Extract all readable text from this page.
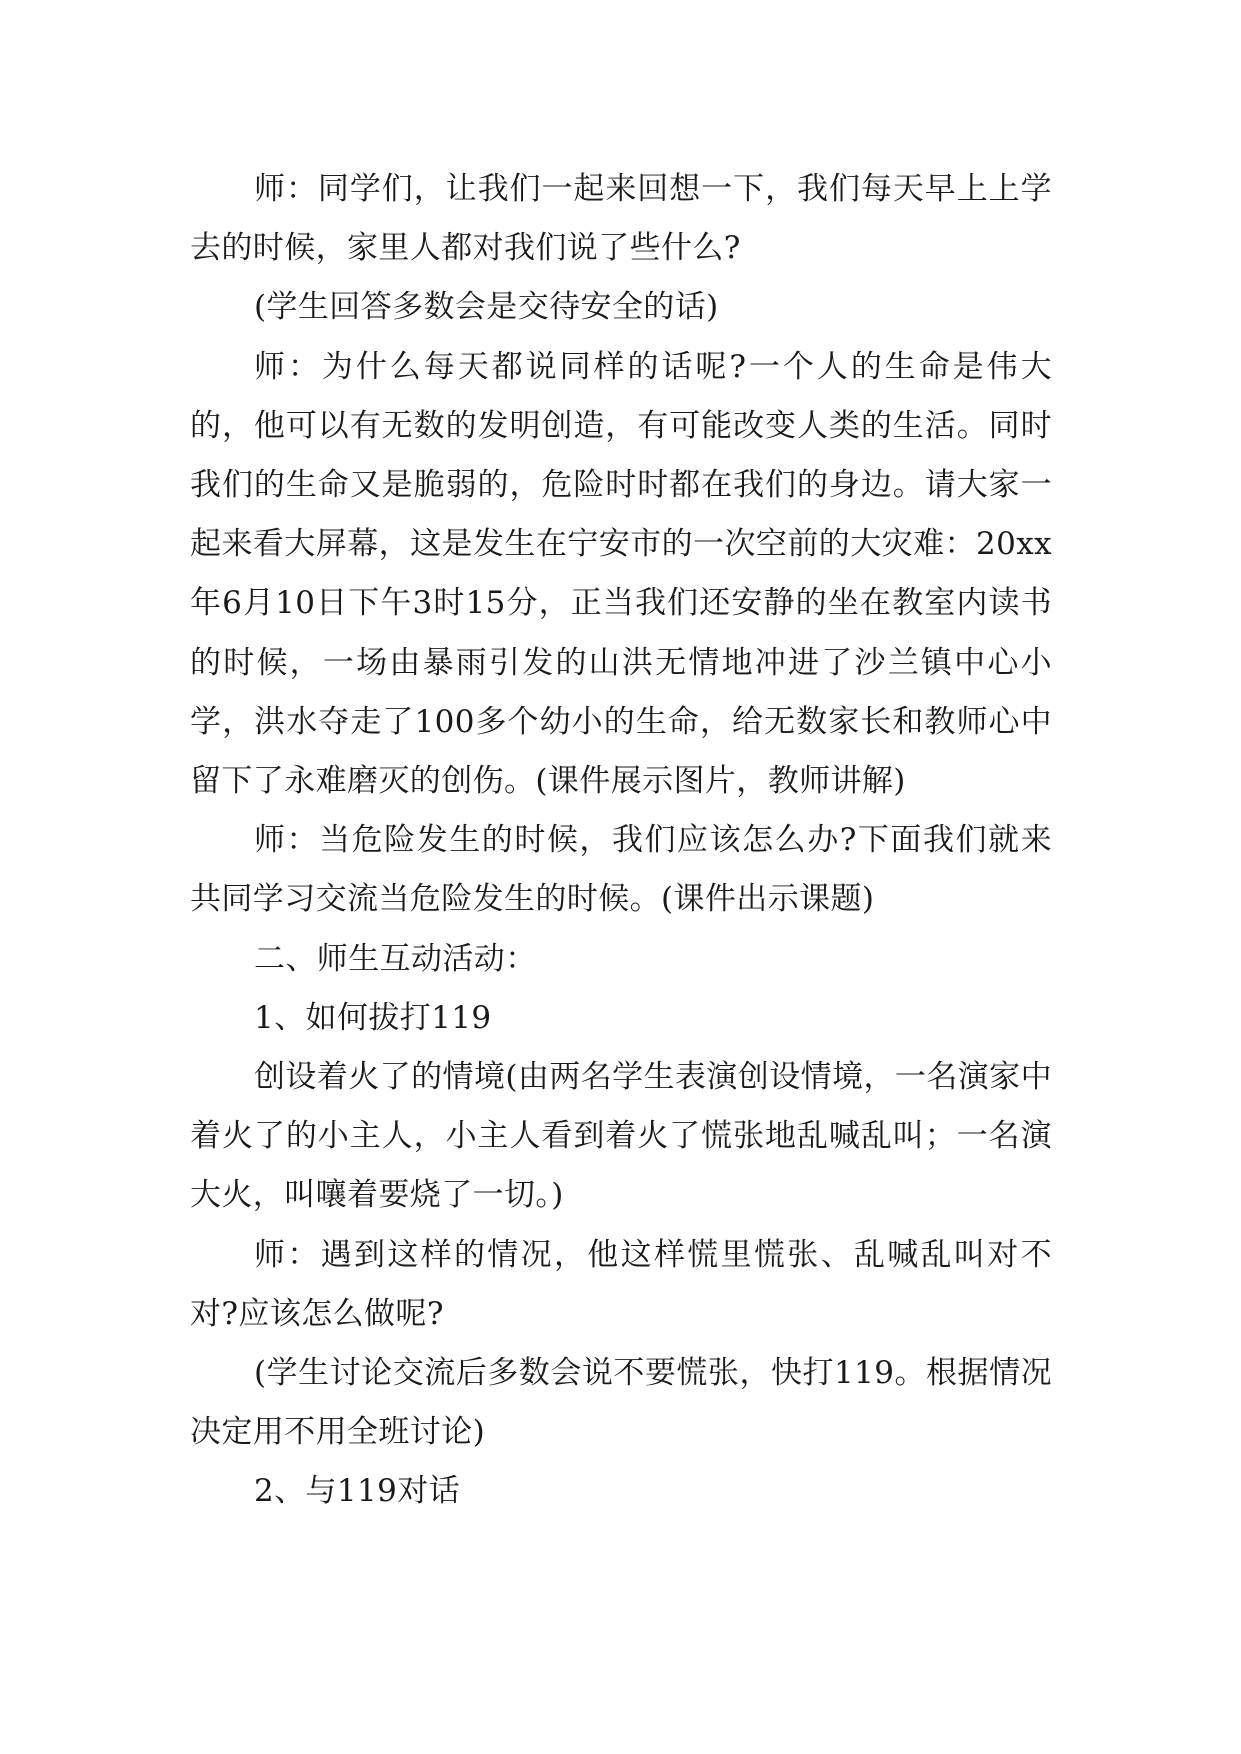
师：同学们，让我们一起来回想一下，我们每天早上上学去的时候，家里人都对我们说了些什么?

(学生回答多数会是交待安全的话)

师：为什么每天都说同样的话呢?一个人的生命是伟大的，他可以有无数的发明创造，有可能改变人类的生活。同时我们的生命又是脆弱的，危险时时都在我们的身边。请大家一起来看大屏幕，这是发生在宁安市的一次空前的大灾难：20xx年6月10日下午3时15分，正当我们还安静的坐在教室内读书的时候，一场由暴雨引发的山洪无情地冲进了沙兰镇中心小学，洪水夺走了100多个幼小的生命，给无数家长和教师心中留下了永难磨灭的创伤。(课件展示图片，教师讲解)

师：当危险发生的时候，我们应该怎么办?下面我们就来共同学习交流当危险发生的时候。(课件出示课题)

二、师生互动活动：

1、如何拔打119

创设着火了的情境(由两名学生表演创设情境，一名演家中着火了的小主人，小主人看到着火了慌张地乱喊乱叫；一名演大火，叫嚷着要烧了一切。)

师：遇到这样的情况，他这样慌里慌张、乱喊乱叫对不对?应该怎么做呢?

(学生讨论交流后多数会说不要慌张，快打119。根据情况决定用不用全班讨论)

2、与119对话
